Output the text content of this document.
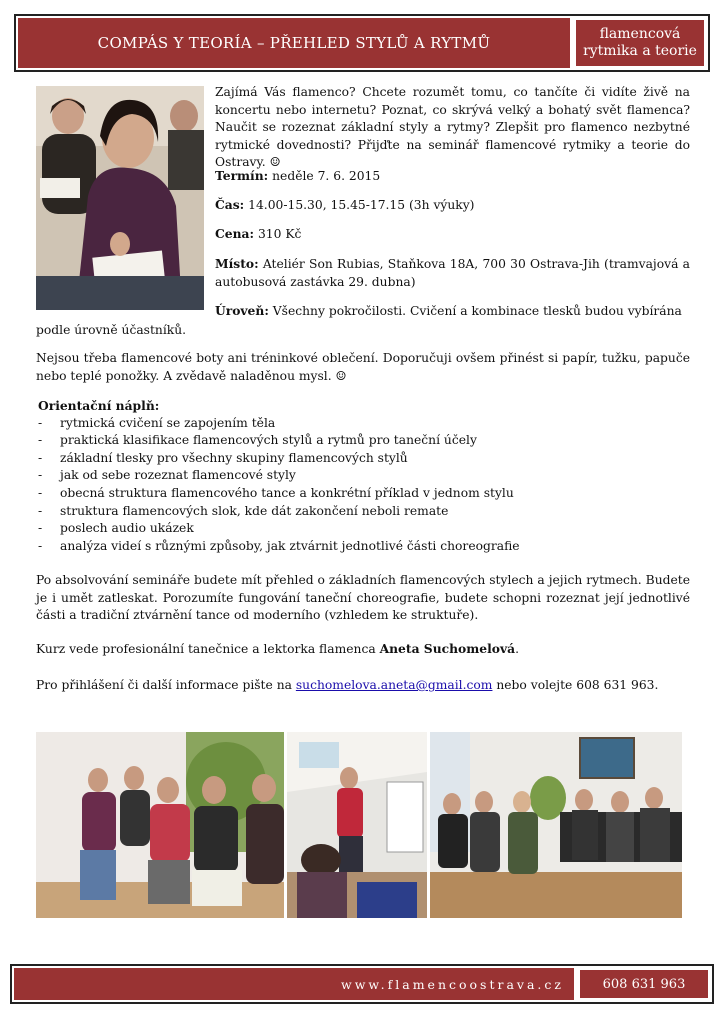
COMPÁS Y TEORÍA – PŘEHLED STYLŮ A RYTMŮ	flamencová
rytmika a teorie
Zajímá Vás flamenco? Chcete rozumět tomu, co tančíte či vidíte živě na koncertu nebo internetu? Poznat, co skrývá velký a bohatý svět flamenca? Naučit se rozeznat základní styly a rytmy? Zlepšit pro flamenco nezbytné rytmické dovednosti? Přijďte na seminář flamencové rytmiky a teorie do Ostravy. ☺
Termín: neděle 7. 6. 2015
Čas: 14.00-15.30, 15.45-17.15 (3h výuky)
Cena: 310 Kč
Místo: Ateliér Son Rubias, Staňkova 18A, 700 30 Ostrava-Jih (tramvajová a autobusová zastávka 29. dubna)
Úroveň: Všechny pokročilosti. Cvičení a kombinace tlesků budou vybírána
podle úrovně účastníků.
Nejsou třeba flamencové boty ani tréninkové oblečení. Doporučuji ovšem přinést si papír, tužku, papuče nebo teplé ponožky. A zvědavě naladěnou mysl. ☺
Orientační náplň:
- rytmická cvičení se zapojením těla
- praktická klasifikace flamencových stylů a rytmů pro taneční účely
- základní tlesky pro všechny skupiny flamencových stylů
- jak od sebe rozeznat flamencové styly
- obecná struktura flamencového tance a konkrétní příklad v jednom stylu
- struktura flamencových slok, kde dát zakončení neboli remate
- poslech audio ukázek
- analýza videí s různými způsoby, jak ztvárnit jednotlivé části choreografie
Po absolvování semináře budete mít přehled o základních flamencových stylech a jejich rytmech. Budete je i umět zatleskat. Porozumíte fungování taneční choreografie, budete schopni rozeznat její jednotlivé části a tradiční ztvárnění tance od moderního (vzhledem ke struktuře).
Kurz vede profesionální tanečnice a lektorka flamenca Aneta Suchomelová.
Pro přihlášení či další informace pište na suchomelova.aneta@gmail.com nebo volejte 608 631 963.
www.flamencoostrava.cz	608 631 963
